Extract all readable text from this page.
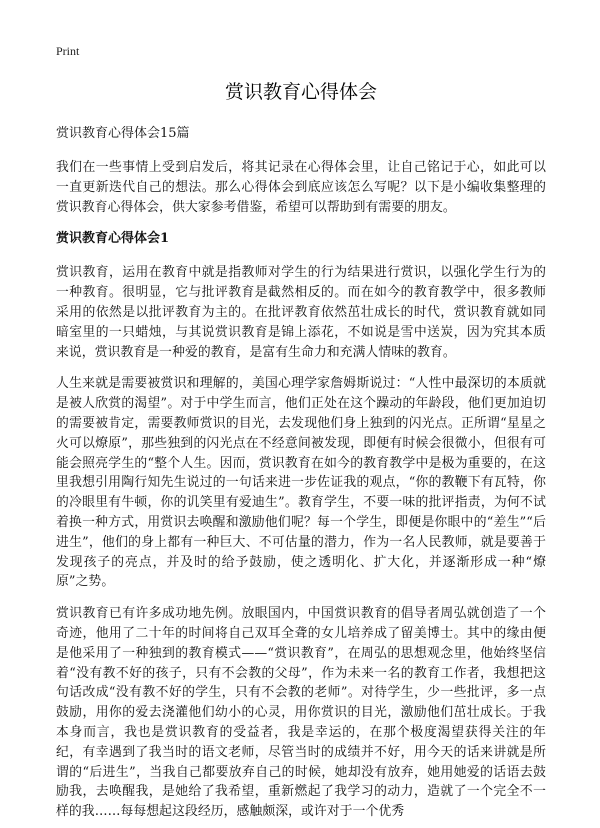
Print
赏识教育心得体会

赏识教育心得体会15篇

我们在一些事情上受到启发后，将其记录在心得体会里，让自己铭记于心，如此可以一直更新迭代自己的想法。那么心得体会到底应该怎么写呢？以下是小编收集整理的赏识教育心得体会，供大家参考借鉴，希望可以帮助到有需要的朋友。

赏识教育心得体会1

赏识教育，运用在教育中就是指教师对学生的行为结果进行赏识，以强化学生行为的一种教育。很明显，它与批评教育是截然相反的。而在如今的教育教学中，很多教师采用的依然是以批评教育为主的。在批评教育依然茁壮成长的时代，赏识教育就如同暗室里的一只蜡烛，与其说赏识教育是锦上添花，不如说是雪中送炭，因为究其本质来说，赏识教育是一种爱的教育，是富有生命力和充满人情味的教育。

人生来就是需要被赏识和理解的，美国心理学家詹姆斯说过：“人性中最深切的本质就是被人欣赏的渴望”。对于中学生而言，他们正处在这个躁动的年龄段，他们更加迫切的需要被肯定，需要教师赏识的目光，去发现他们身上独到的闪光点。正所谓“星星之火可以燎原”，那些独到的闪光点在不经意间被发现，即便有时候会很微小，但很有可能会照亮学生的“整个人生。因而，赏识教育在如今的教育教学中是极为重要的，在这里我想引用陶行知先生说过的一句话来进一步佐证我的观点，“你的教鞭下有瓦特，你的冷眼里有牛顿，你的讥笑里有爱迪生”。教育学生，不要一味的批评指责，为何不试着换一种方式，用赏识去唤醒和激励他们呢？每一个学生，即便是你眼中的“差生”“后进生”，他们的身上都有一种巨大、不可估量的潜力，作为一名人民教师，就是要善于发现孩子的亮点，并及时的给予鼓励，使之透明化、扩大化，并逐渐形成一种“燎原”之势。

赏识教育已有许多成功地先例。放眼国内，中国赏识教育的倡导者周弘就创造了一个奇迹，他用了二十年的时间将自己双耳全聋的女儿培养成了留美博士。其中的缘由便是他采用了一种独到的教育模式——“赏识教育”，在周弘的思想观念里，他始终坚信着“没有教不好的孩子，只有不会教的父母”，作为未来一名的教育工作者，我想把这句话改成“没有教不好的学生，只有不会教的老师”。对待学生，少一些批评，多一点鼓励，用你的爱去浇灌他们幼小的心灵，用你赏识的目光，激励他们茁壮成长。于我本身而言，我也是赏识教育的受益者，我是幸运的，在那个极度渴望获得关注的年纪，有幸遇到了我当时的语文老师，尽管当时的成绩并不好，用今天的话来讲就是所谓的“后进生”，当我自己都要放弃自己的时候，她却没有放弃，她用她爱的话语去鼓励我，去唤醒我，是她给了我希望，重新燃起了我学习的动力，造就了一个完全不一样的我……每每想起这段经历，感触颇深，或许对于一个优秀
